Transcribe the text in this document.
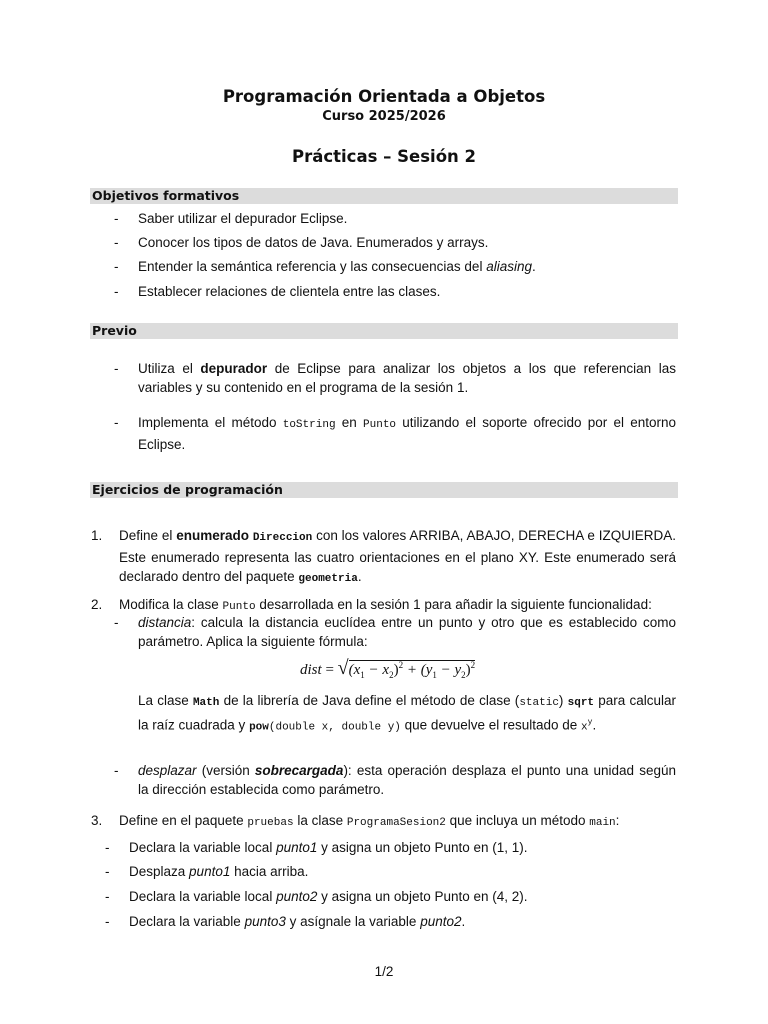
Programación Orientada a Objetos
Curso 2025/2026
Prácticas – Sesión 2
Objetivos formativos
- Saber utilizar el depurador Eclipse.
- Conocer los tipos de datos de Java. Enumerados y arrays.
- Entender la semántica referencia y las consecuencias del aliasing.
- Establecer relaciones de clientela entre las clases.
Previo
- Utiliza el depurador de Eclipse para analizar los objetos a los que referencian las variables y su contenido en el programa de la sesión 1.
- Implementa el método toString en Punto utilizando el soporte ofrecido por el entorno Eclipse.
Ejercicios de programación
1. Define el enumerado Direccion con los valores ARRIBA, ABAJO, DERECHA e IZQUIERDA. Este enumerado representa las cuatro orientaciones en el plano XY. Este enumerado será declarado dentro del paquete geometria.
2. Modifica la clase Punto desarrollada en la sesión 1 para añadir la siguiente funcionalidad:
- distancia: calcula la distancia euclídea entre un punto y otro que es establecido como parámetro. Aplica la siguiente fórmula:
dist = $√(x_1 - x_2)^2 + (y_1 - y_2)^2$
La clase Math de la librería de Java define el método de clase (static) sqrt para calcular la raíz cuadrada y pow(double x, double y) que devuelve el resultado de $x^y$.
- desplazar (versión sobrecargada): esta operación desplaza el punto una unidad según la dirección establecida como parámetro.
3. Define en el paquete pruebas la clase ProgramaSesion2 que incluya un método main:
- Declara la variable local punto1 y asigna un objeto Punto en (1, 1).
- Desplaza punto1 hacia arriba.
- Declara la variable local punto2 y asigna un objeto Punto en (4, 2).
- Declara la variable punto3 y asígnale la variable punto2.
1/2
